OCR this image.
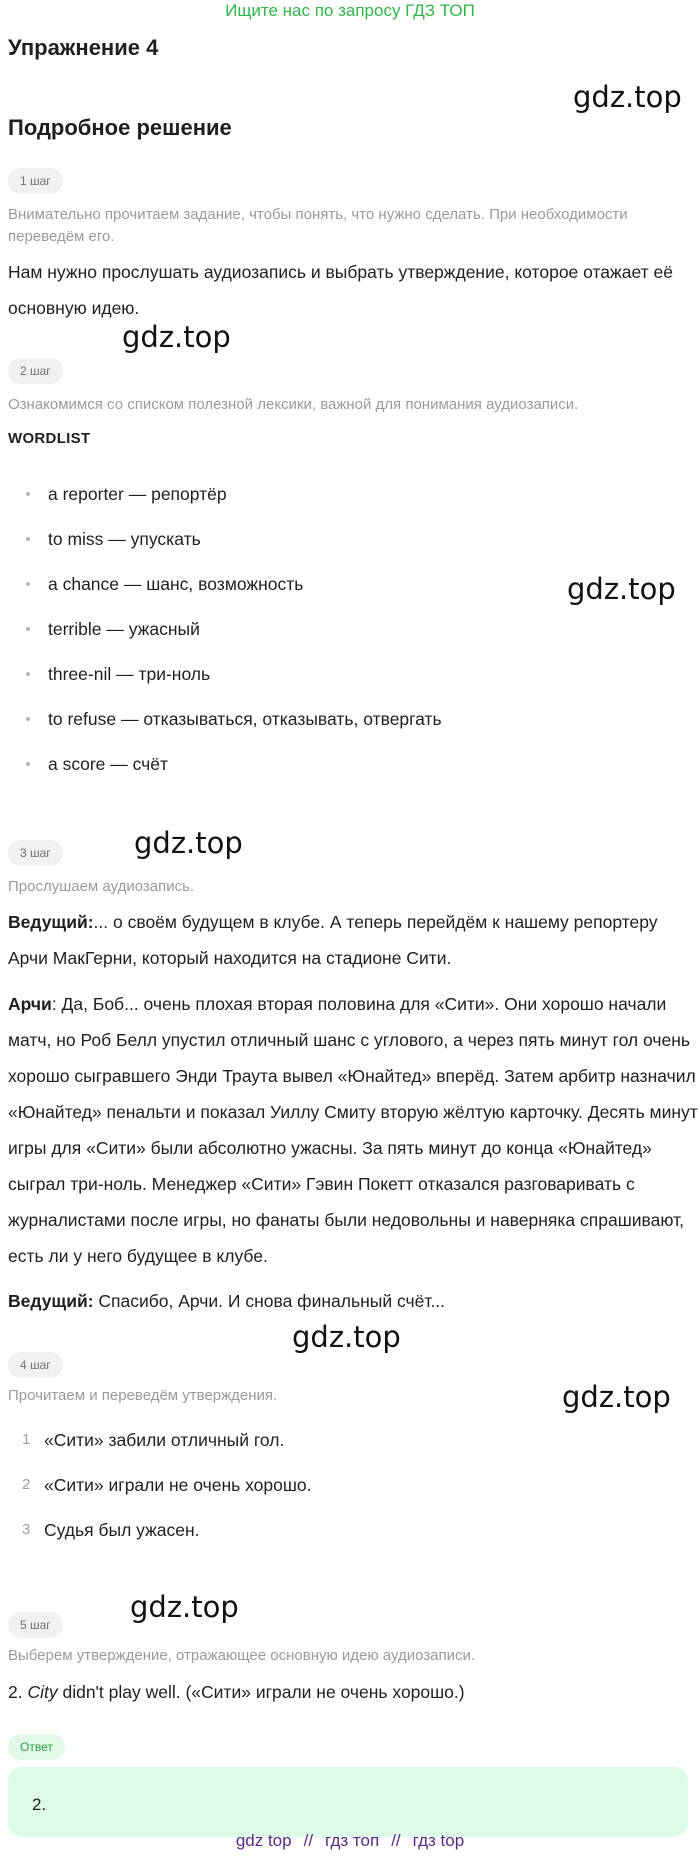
Ищите нас по запросу ГДЗ ТОП
Упражнение 4
Подробное решение
gdz.top
gdz.top
gdz.top
gdz.top
gdz.top
gdz.top
gdz.top
1 шаг
Внимательно прочитаем задание, чтобы понять, что нужно сделать. При необходимости переведём его.
Нам нужно прослушать аудиозапись и выбрать утверждение, которое отажает её основную идею.
2 шаг
Ознакомимся со списком полезной лексики, важной для понимания аудиозаписи.
WORDLIST
a reporter — репортёр
to miss — упускать
a chance — шанс, возможность
terrible — ужасный
three-nil — три-ноль
to refuse — отказываться, отказывать, отвергать
a score — счёт
3 шаг
Прослушаем аудиозапись.
Ведущий:... о своём будущем в клубе. А теперь перейдём к нашему репортеру Арчи МакГерни, который находится на стадионе Сити.
Арчи: Да, Боб... очень плохая вторая половина для «Сити». Они хорошо начали матч, но Роб Белл упустил отличный шанс с углового, а через пять минут гол очень хорошо сыгравшего Энди Траута вывел «Юнайтед» вперёд. Затем арбитр назначил «Юнайтед» пенальти и показал Уиллу Смиту вторую жёлтую карточку. Десять минут игры для «Сити» были абсолютно ужасны. За пять минут до конца «Юнайтед» сыграл три-ноль. Менеджер «Сити» Гэвин Покетт отказался разговаривать с журналистами после игры, но фанаты были недовольны и наверняка спрашивают, есть ли у него будущее в клубе.
Ведущий: Спасибо, Арчи. И снова финальный счёт...
4 шаг
Прочитаем и переведём утверждения.
1 «Сити» забили отличный гол.
2 «Сити» играли не очень хорошо.
3 Судья был ужасен.
5 шаг
Выберем утверждение, отражающее основную идею аудиозаписи.
2. City didn't play well. («Сити» играли не очень хорошо.)
Ответ
2.
gdz top // гдз топ // гдз top
